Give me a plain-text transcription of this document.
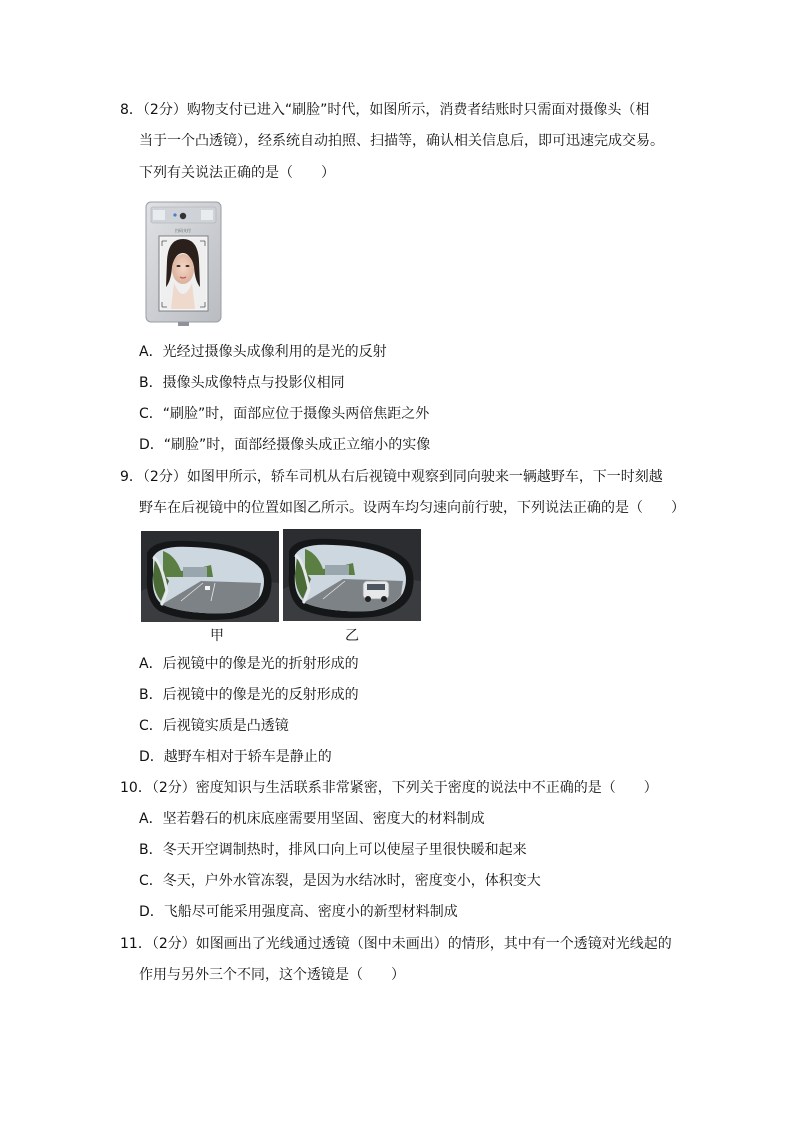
8．（2分）购物支付已进入“刷脸”时代，如图所示，消费者结账时只需面对摄像头（相
当于一个凸透镜），经系统自动拍照、扫描等，确认相关信息后，即可迅速完成交易。
下列有关说法正确的是（　　）
扫码支付
A．光经过摄像头成像利用的是光的反射
B．摄像头成像特点与投影仪相同
C．“刷脸”时，面部应位于摄像头两倍焦距之外
D．“刷脸”时，面部经摄像头成正立缩小的实像
9．（2分）如图甲所示，轿车司机从右后视镜中观察到同向驶来一辆越野车，下一时刻越
野车在后视镜中的位置如图乙所示。设两车均匀速向前行驶，下列说法正确的是（　　）
甲	乙
A．后视镜中的像是光的折射形成的
B．后视镜中的像是光的反射形成的
C．后视镜实质是凸透镜
D．越野车相对于轿车是静止的
10．（2分）密度知识与生活联系非常紧密，下列关于密度的说法中不正确的是（　　）
A．坚若磐石的机床底座需要用坚固、密度大的材料制成
B．冬天开空调制热时，排风口向上可以使屋子里很快暖和起来
C．冬天，户外水管冻裂，是因为水结冰时，密度变小，体积变大
D．飞船尽可能采用强度高、密度小的新型材料制成
11．（2分）如图画出了光线通过透镜（图中未画出）的情形，其中有一个透镜对光线起的
作用与另外三个不同，这个透镜是（　　）
